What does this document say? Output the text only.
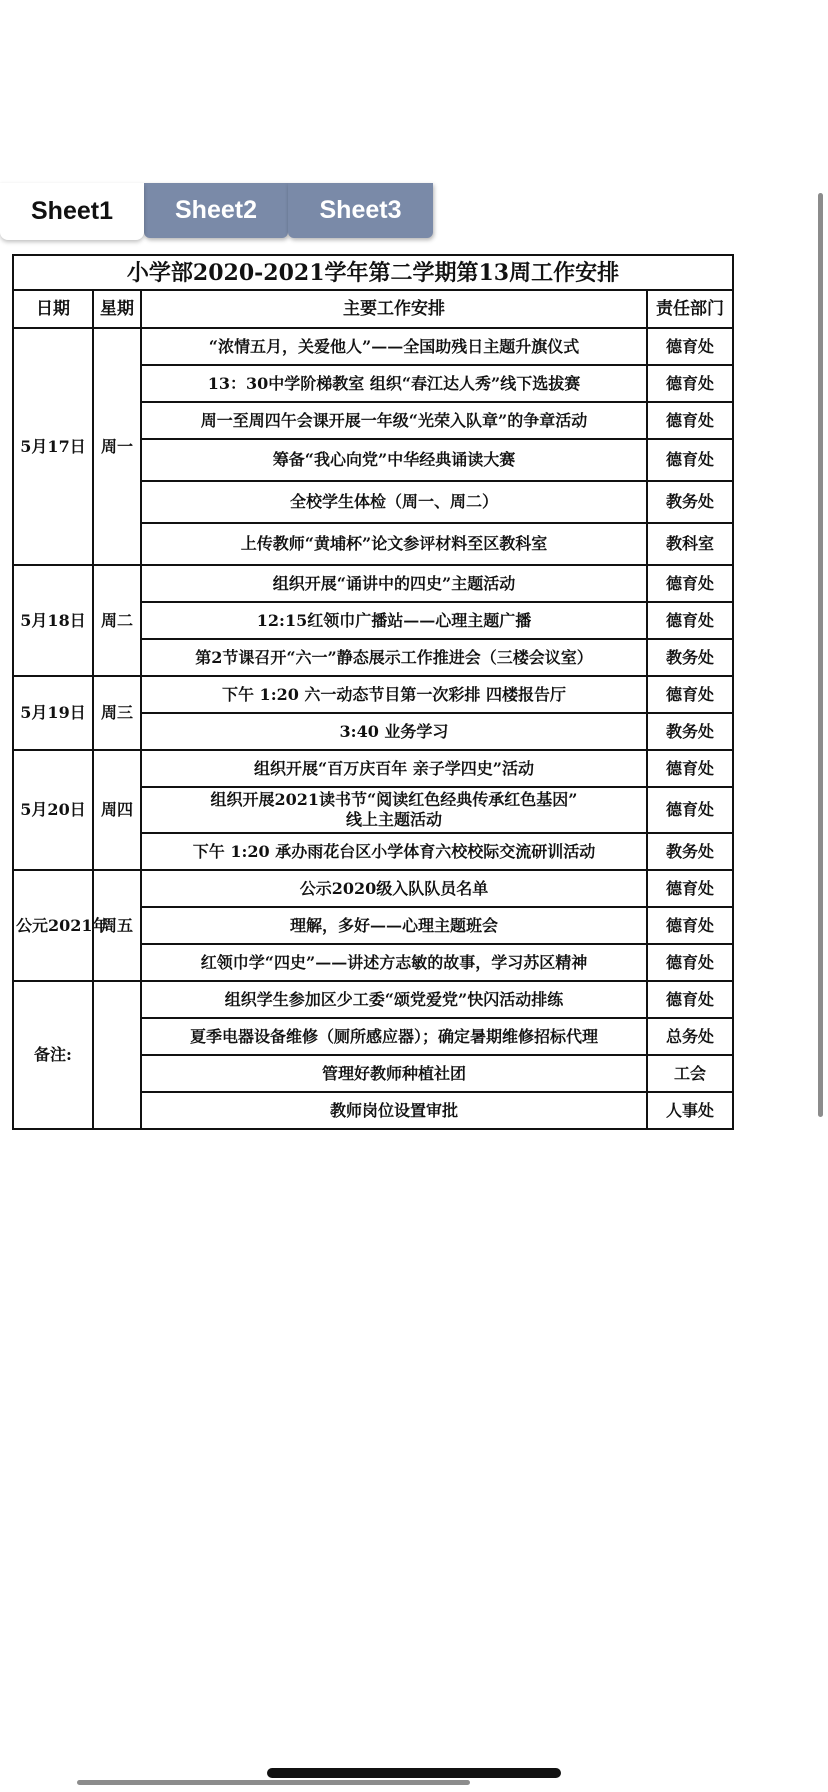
Sheet1	Sheet2	Sheet3
小学部2020-2021学年第二学期第13周工作安排			
日期	星期	主要工作安排	责任部门
5月17日	周一	“浓情五月，关爱他人”——全国助残日主题升旗仪式	德育处
		13：30中学阶梯教室 组织“春江达人秀”线下选拔赛	德育处
		周一至周四午会课开展一年级“光荣入队章”的争章活动	德育处
		筹备“我心向党”中华经典诵读大赛	德育处
		全校学生体检（周一、周二）	教务处
		上传教师“黄埔杯”论文参评材料至区教科室	教科室
5月18日	周二	组织开展“诵讲中的四史”主题活动	德育处
		12:15红领巾广播站——心理主题广播	德育处
		第2节课召开“六一”静态展示工作推进会（三楼会议室）	教务处
5月19日	周三	下午 1:20 六一动态节目第一次彩排 四楼报告厅	德育处
		3:40 业务学习	教务处
5月20日	周四	组织开展“百万庆百年 亲子学四史”活动	德育处
		组织开展2021读书节“阅读红色经典传承红色基因”
线上主题活动	德育处
		下午 1:20 承办雨花台区小学体育六校校际交流研训活动	教务处
公元2021年	周五	公示2020级入队队员名单	德育处
		理解，多好——心理主题班会	德育处
		红领巾学“四史”——讲述方志敏的故事，学习苏区精神	德育处
备注:		组织学生参加区少工委“颂党爱党”快闪活动排练	德育处
		夏季电器设备维修（厕所感应器）；确定暑期维修招标代理	总务处
		管理好教师种植社团	工会
		教师岗位设置审批	人事处
